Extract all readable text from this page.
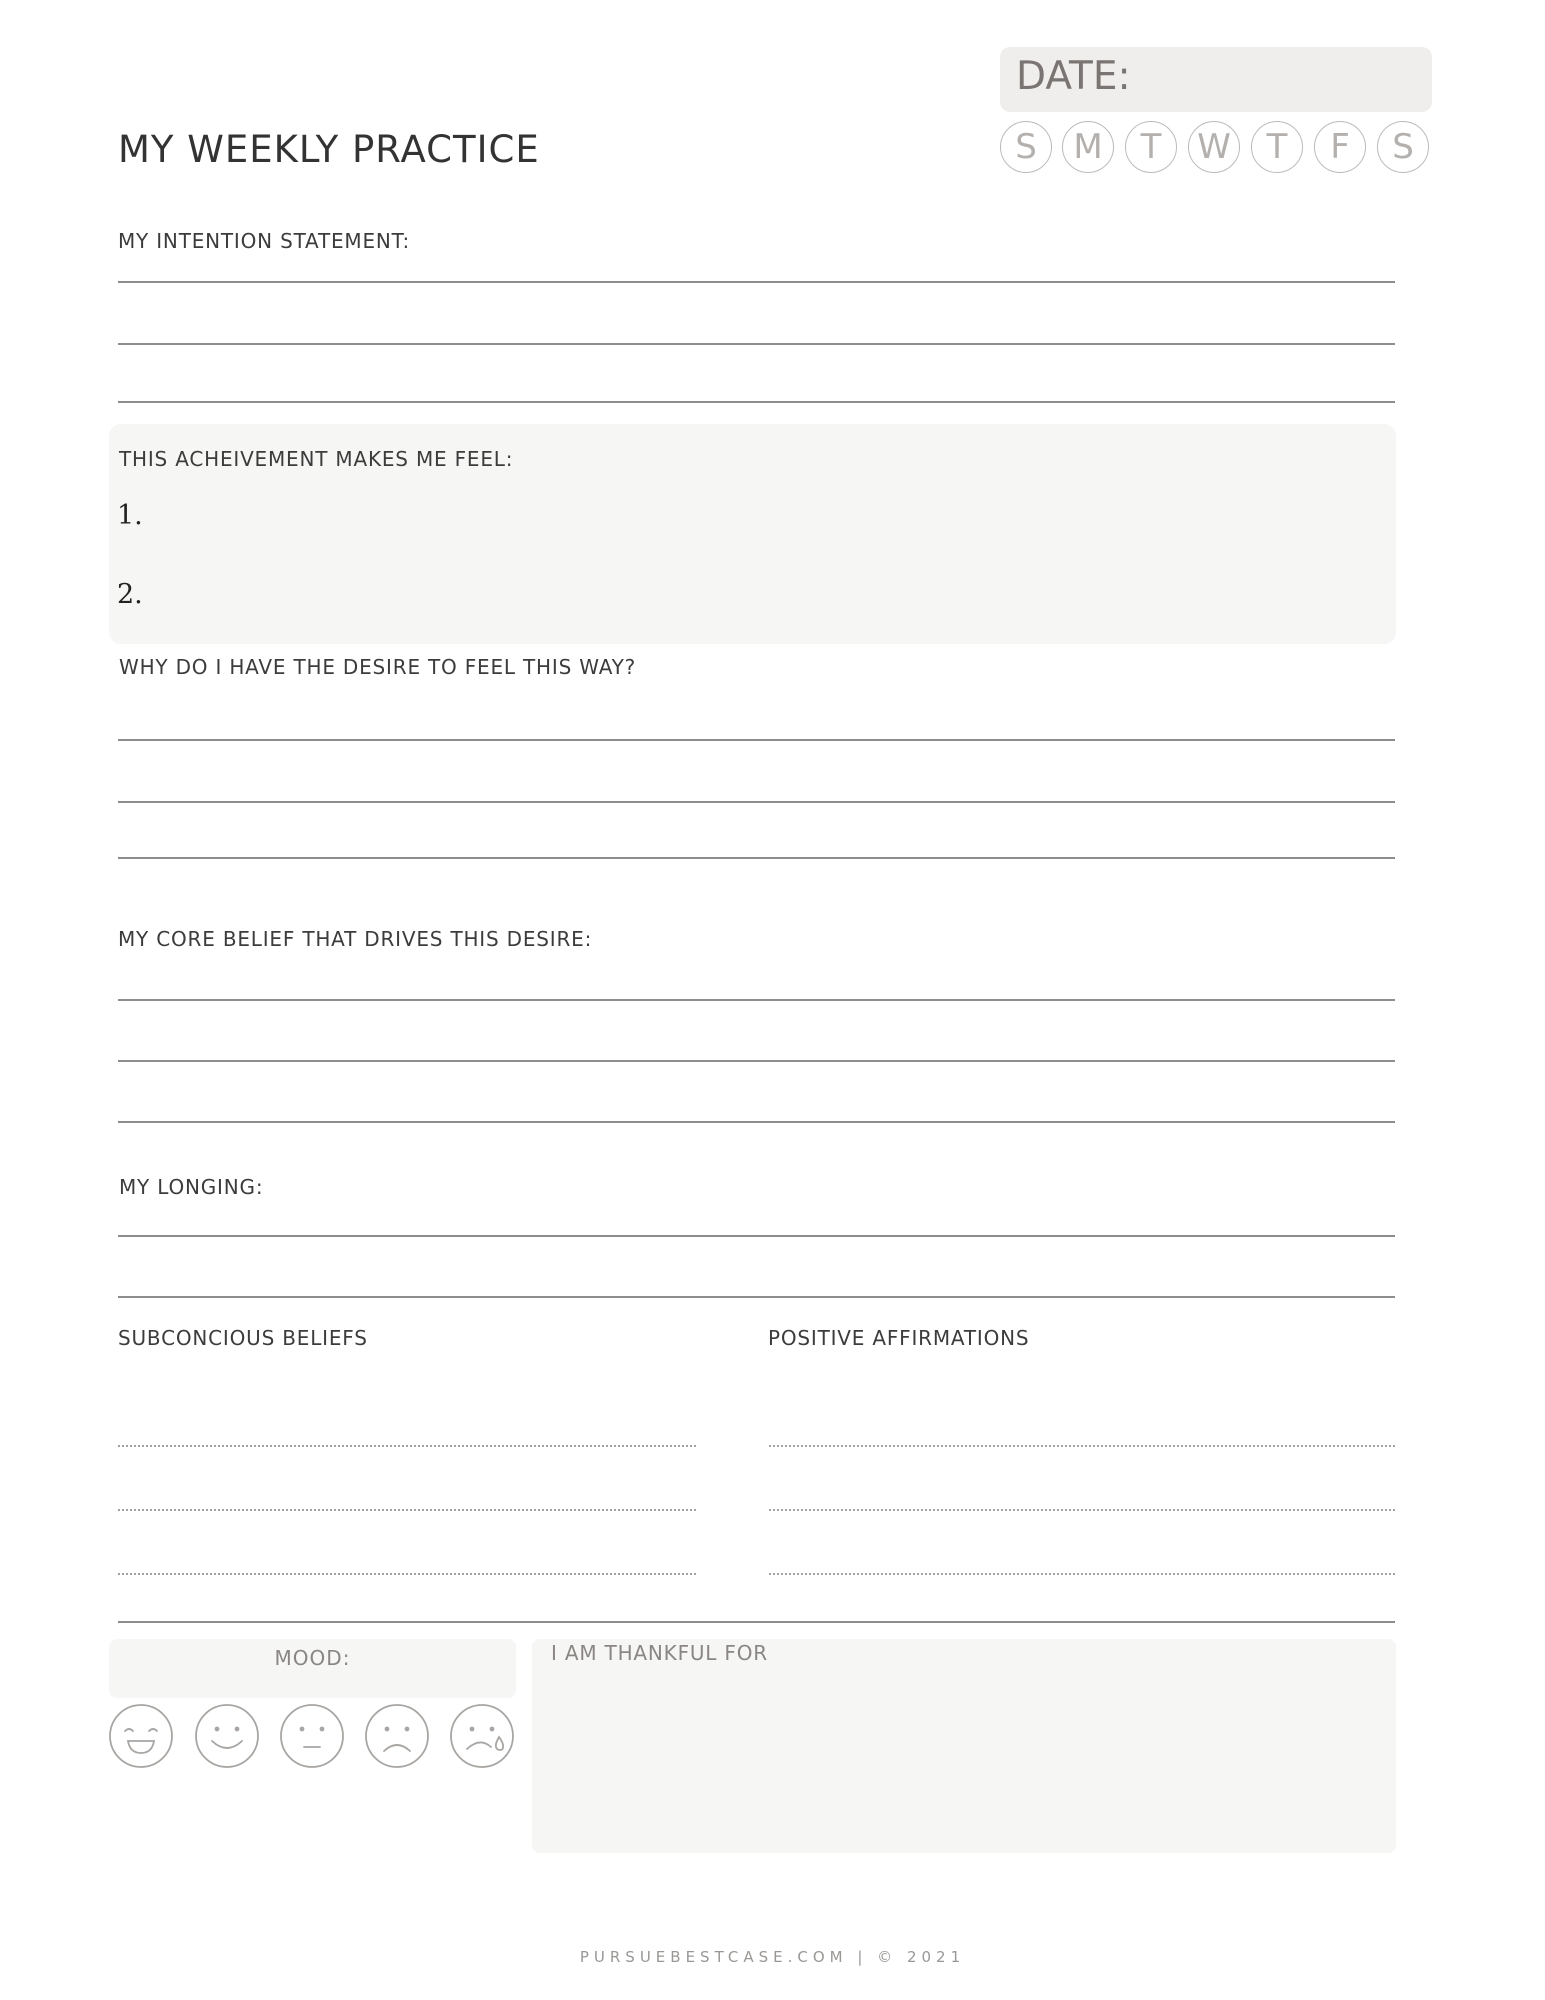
MY WEEKLY PRACTICE
DATE:
S	M	T	W	T	F	S
MY INTENTION STATEMENT:
THIS ACHEIVEMENT MAKES ME FEEL:
1.
2.
WHY DO I HAVE THE DESIRE TO FEEL THIS WAY?
MY CORE BELIEF THAT DRIVES THIS DESIRE:
MY LONGING:
SUBCONCIOUS BELIEFS	POSITIVE AFFIRMATIONS
MOOD:	I AM THANKFUL FOR
PURSUEBESTCASE.COM | © 2021
